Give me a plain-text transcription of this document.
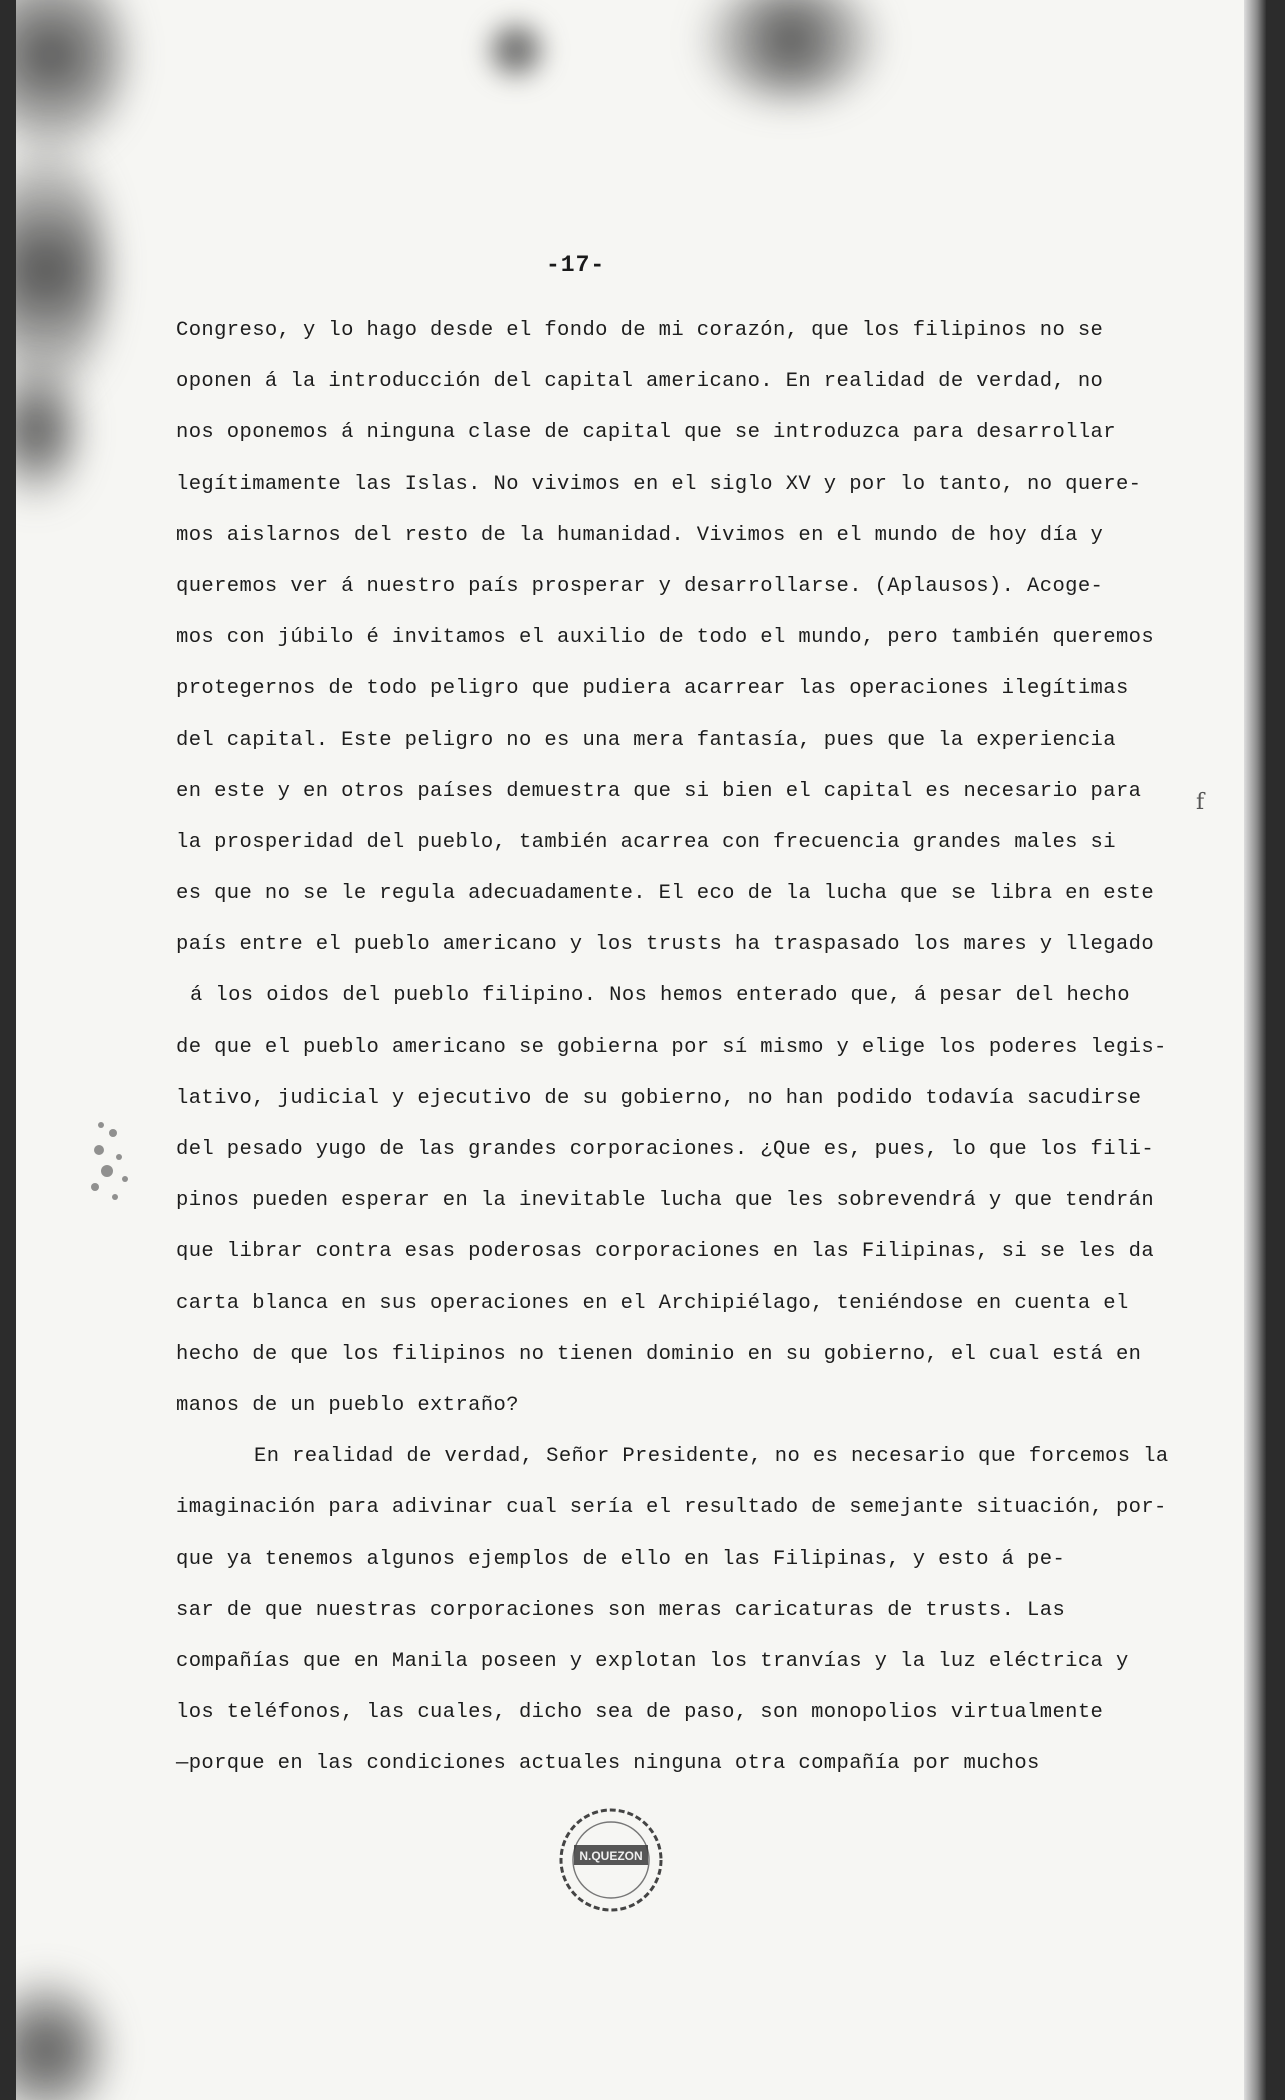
-17-
Congreso, y lo hago desde el fondo de mi corazón, que los filipinos no se
oponen á la introducción del capital americano. En realidad de verdad, no
nos oponemos á ninguna clase de capital que se introduzca para desarrollar
legítimamente las Islas. No vivimos en el siglo XV y por lo tanto, no quere-
mos aislarnos del resto de la humanidad. Vivimos en el mundo de hoy día y
queremos ver á nuestro país prosperar y desarrollarse. (Aplausos). Acoge-
mos con júbilo é invitamos el auxilio de todo el mundo, pero también queremos
protegernos de todo peligro que pudiera acarrear las operaciones ilegítimas
del capital. Este peligro no es una mera fantasía, pues que la experiencia
en este y en otros países demuestra que si bien el capital es necesario para
la prosperidad del pueblo, también acarrea con frecuencia grandes males si
es que no se le regula adecuadamente. El eco de la lucha que se libra en este
país entre el pueblo americano y los trusts ha traspasado los mares y llegado
á los oidos del pueblo filipino. Nos hemos enterado que, á pesar del hecho
de que el pueblo americano se gobierna por sí mismo y elige los poderes legis-
lativo, judicial y ejecutivo de su gobierno, no han podido todavía sacudirse
del pesado yugo de las grandes corporaciones. ¿Que es, pues, lo que los fili-
pinos pueden esperar en la inevitable lucha que les sobrevendrá y que tendrán
que librar contra esas poderosas corporaciones en las Filipinas, si se les da
carta blanca en sus operaciones en el Archipiélago, teniéndose en cuenta el
hecho de que los filipinos no tienen dominio en su gobierno, el cual está en
manos de un pueblo extraño?
En realidad de verdad, Señor Presidente, no es necesario que forcemos la
imaginación para adivinar cual sería el resultado de semejante situación, por-
que ya tenemos algunos ejemplos de ello en las Filipinas, y esto á pe-
sar de que nuestras corporaciones son meras caricaturas de trusts. Las
compañías que en Manila poseen y explotan los tranvías y la luz eléctrica y
los teléfonos, las cuales, dicho sea de paso, son monopolios virtualmente
—porque en las condiciones actuales ninguna otra compañía por muchos
f
N.QUEZON
